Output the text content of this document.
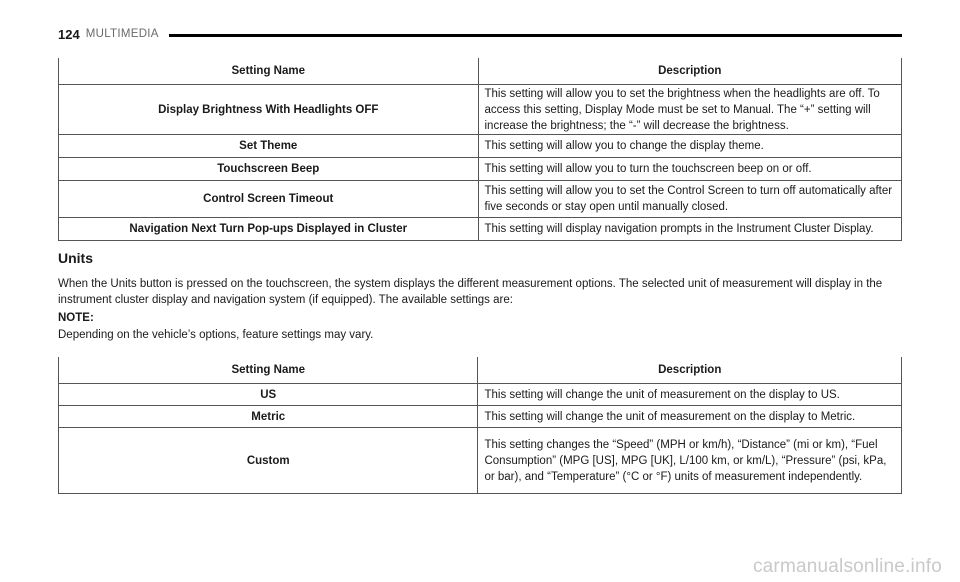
124 MULTIMEDIA
Setting Name	Description
Display Brightness With Headlights OFF	This setting will allow you to set the brightness when the headlights are off. To access this setting, Display Mode must be set to Manual. The “+” setting will increase the brightness; the “-” will decrease the brightness.
Set Theme	This setting will allow you to change the display theme.
Touchscreen Beep	This setting will allow you to turn the touchscreen beep on or off.
Control Screen Timeout	This setting will allow you to set the Control Screen to turn off automatically after five seconds or stay open until manually closed.
Navigation Next Turn Pop-ups Displayed in Cluster	This setting will display navigation prompts in the Instrument Cluster Display.
Units

When the Units button is pressed on the touchscreen, the system displays the different measurement options. The selected unit of measurement will display in the instrument cluster display and navigation system (if equipped). The available settings are:

NOTE:

Depending on the vehicle’s options, feature settings may vary.

Setting Name	Description
US	This setting will change the unit of measurement on the display to US.
Metric	This setting will change the unit of measurement on the display to Metric.
Custom	This setting changes the “Speed” (MPH or km/h), “Distance” (mi or km), “Fuel Consumption” (MPG [US], MPG [UK], L/100 km, or km/L), “Pressure” (psi, kPa, or bar), and “Temperature” (°C or °F) units of measurement independently.
carmanualsonline.info
